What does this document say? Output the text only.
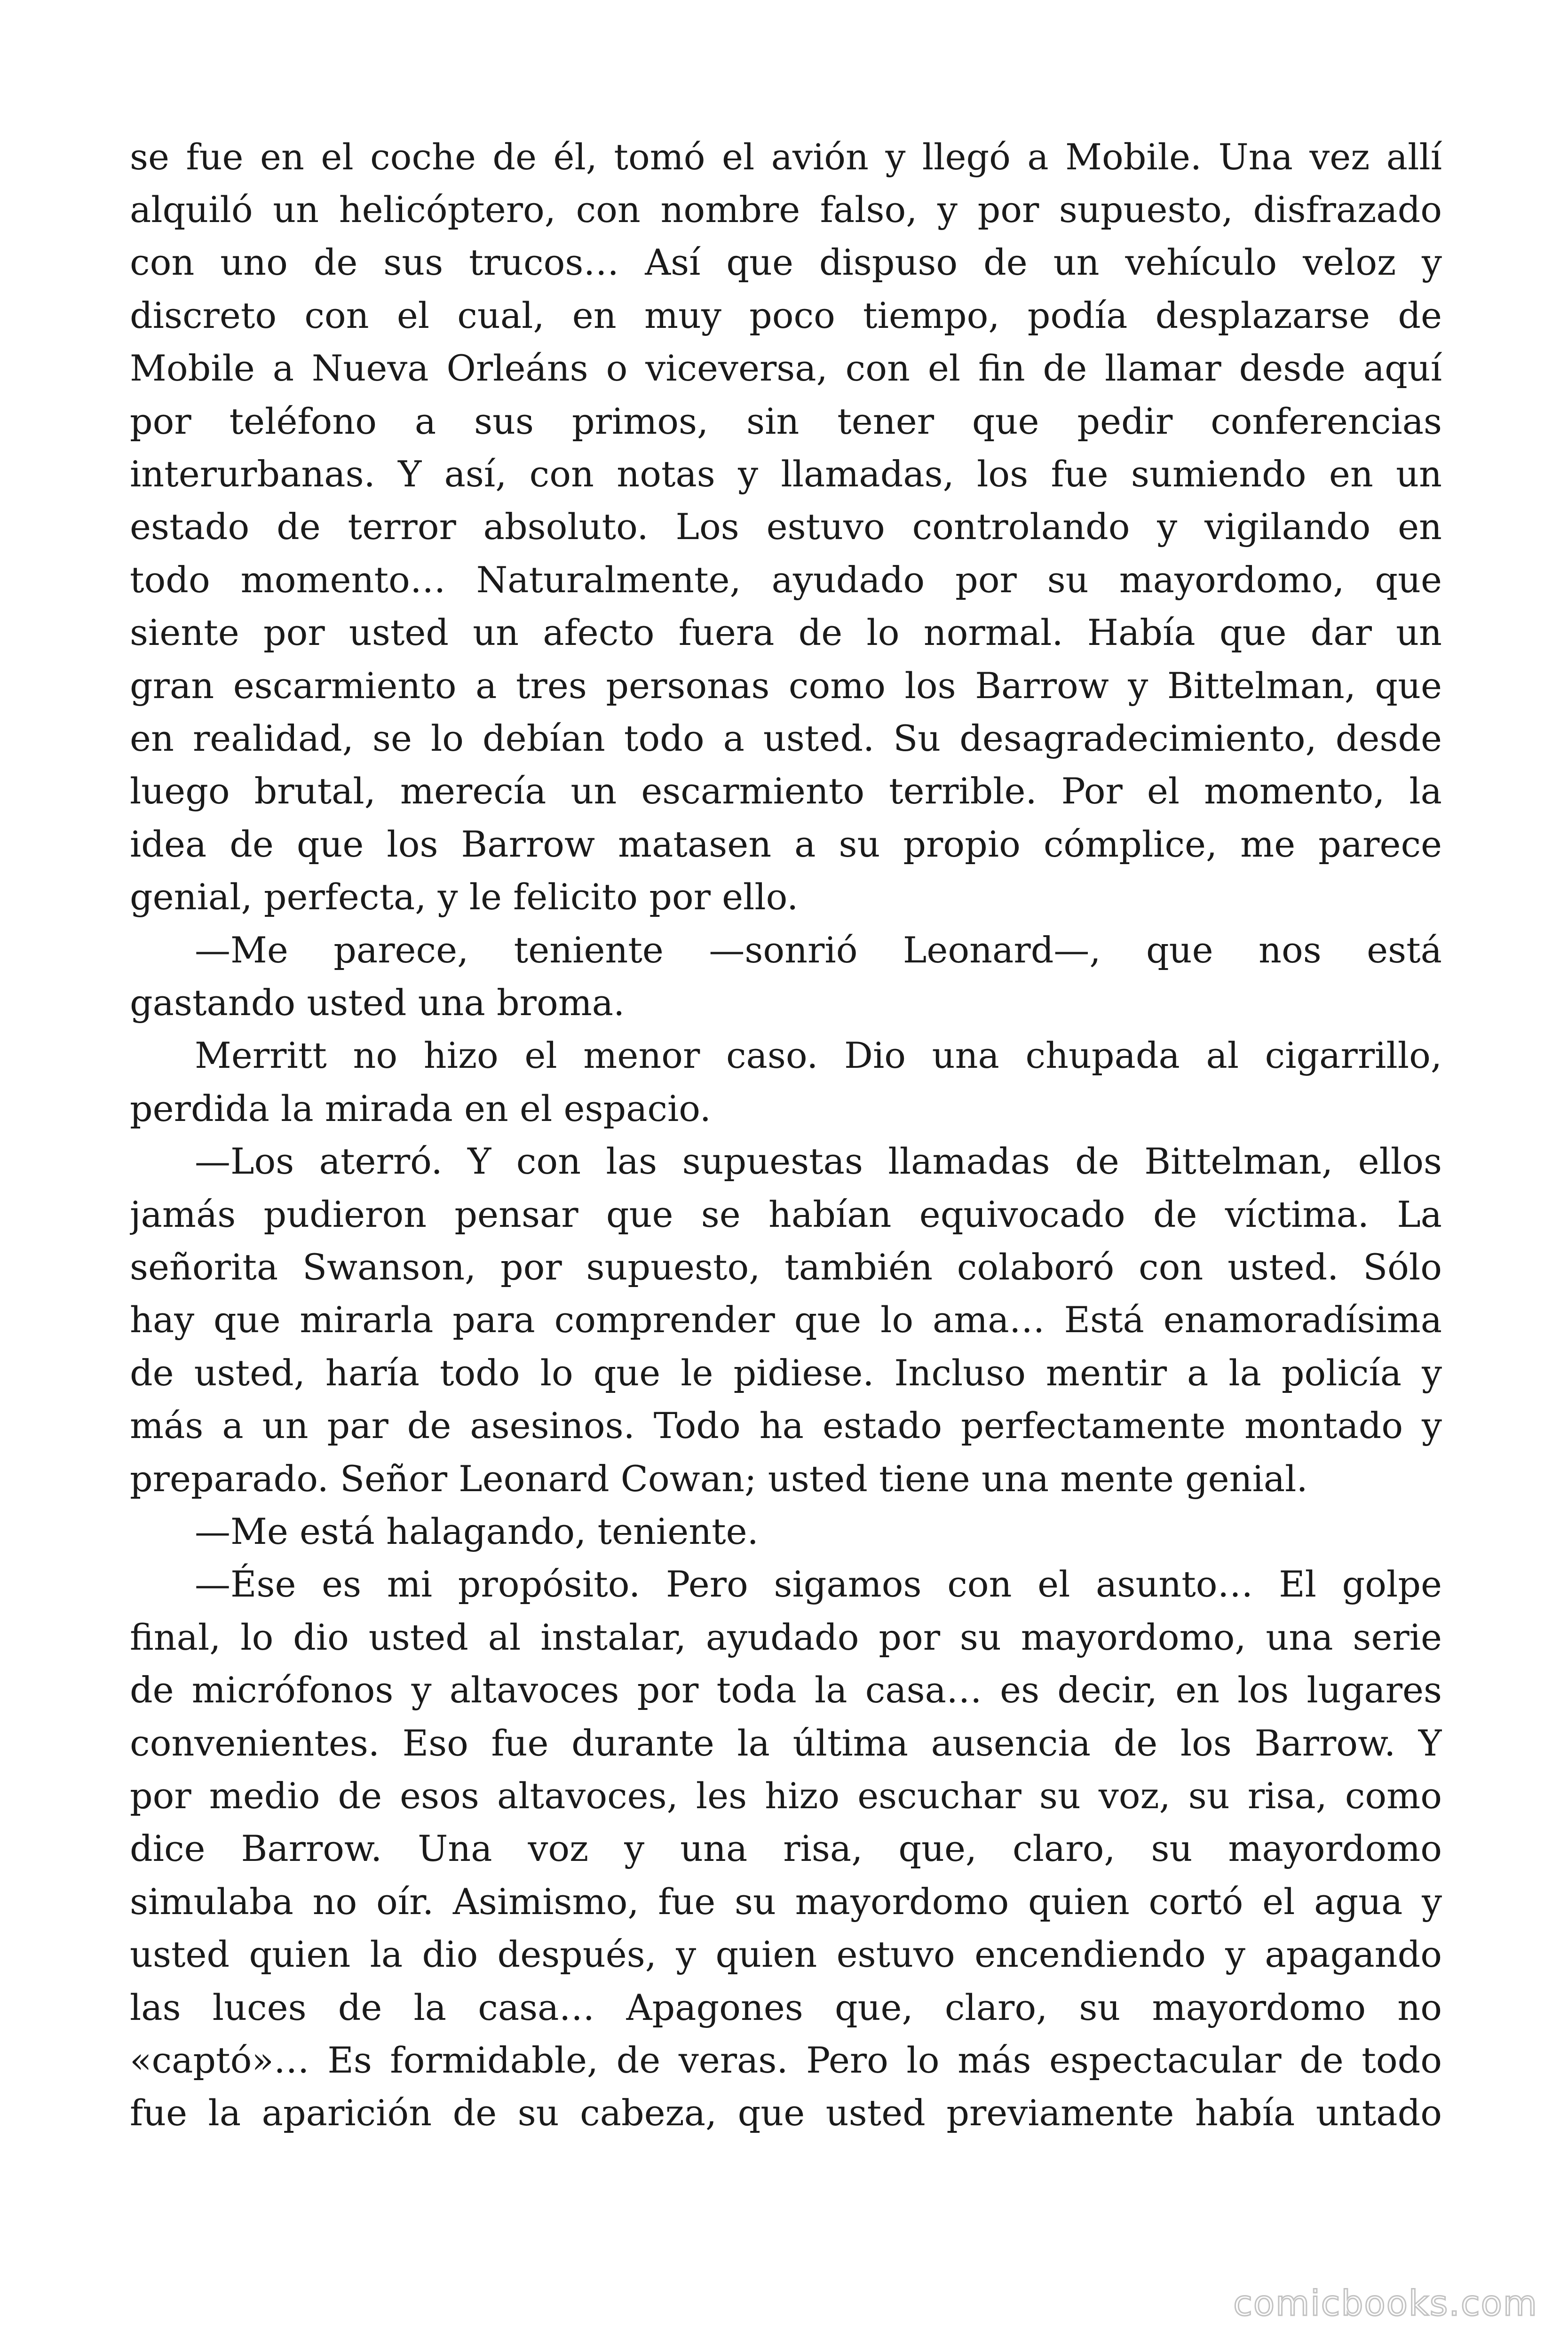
se fue en el coche de él, tomó el avión y llegó a Mobile. Una vez allí

alquiló un helicóptero, con nombre falso, y por supuesto, disfrazado

con uno de sus trucos… Así que dispuso de un vehículo veloz y

discreto con el cual, en muy poco tiempo, podía desplazarse de

Mobile a Nueva Orleáns o viceversa, con el fin de llamar desde aquí

por teléfono a sus primos, sin tener que pedir conferencias

interurbanas. Y así, con notas y llamadas, los fue sumiendo en un

estado de terror absoluto. Los estuvo controlando y vigilando en

todo momento… Naturalmente, ayudado por su mayordomo, que

siente por usted un afecto fuera de lo normal. Había que dar un

gran escarmiento a tres personas como los Barrow y Bittelman, que

en realidad, se lo debían todo a usted. Su desagradecimiento, desde

luego brutal, merecía un escarmiento terrible. Por el momento, la

idea de que los Barrow matasen a su propio cómplice, me parece

genial, perfecta, y le felicito por ello.

—Me parece, teniente —sonrió Leonard—, que nos está

gastando usted una broma.

Merritt no hizo el menor caso. Dio una chupada al cigarrillo,

perdida la mirada en el espacio.

—Los aterró. Y con las supuestas llamadas de Bittelman, ellos

jamás pudieron pensar que se habían equivocado de víctima. La

señorita Swanson, por supuesto, también colaboró con usted. Sólo

hay que mirarla para comprender que lo ama… Está enamoradísima

de usted, haría todo lo que le pidiese. Incluso mentir a la policía y

más a un par de asesinos. Todo ha estado perfectamente montado y

preparado. Señor Leonard Cowan; usted tiene una mente genial.

—Me está halagando, teniente.

—Ése es mi propósito. Pero sigamos con el asunto… El golpe

final, lo dio usted al instalar, ayudado por su mayordomo, una serie

de micrófonos y altavoces por toda la casa… es decir, en los lugares

convenientes. Eso fue durante la última ausencia de los Barrow. Y

por medio de esos altavoces, les hizo escuchar su voz, su risa, como

dice Barrow. Una voz y una risa, que, claro, su mayordomo

simulaba no oír. Asimismo, fue su mayordomo quien cortó el agua y

usted quien la dio después, y quien estuvo encendiendo y apagando

las luces de la casa… Apagones que, claro, su mayordomo no

«captó»… Es formidable, de veras. Pero lo más espectacular de todo

fue la aparición de su cabeza, que usted previamente había untado

comicbooks.com
